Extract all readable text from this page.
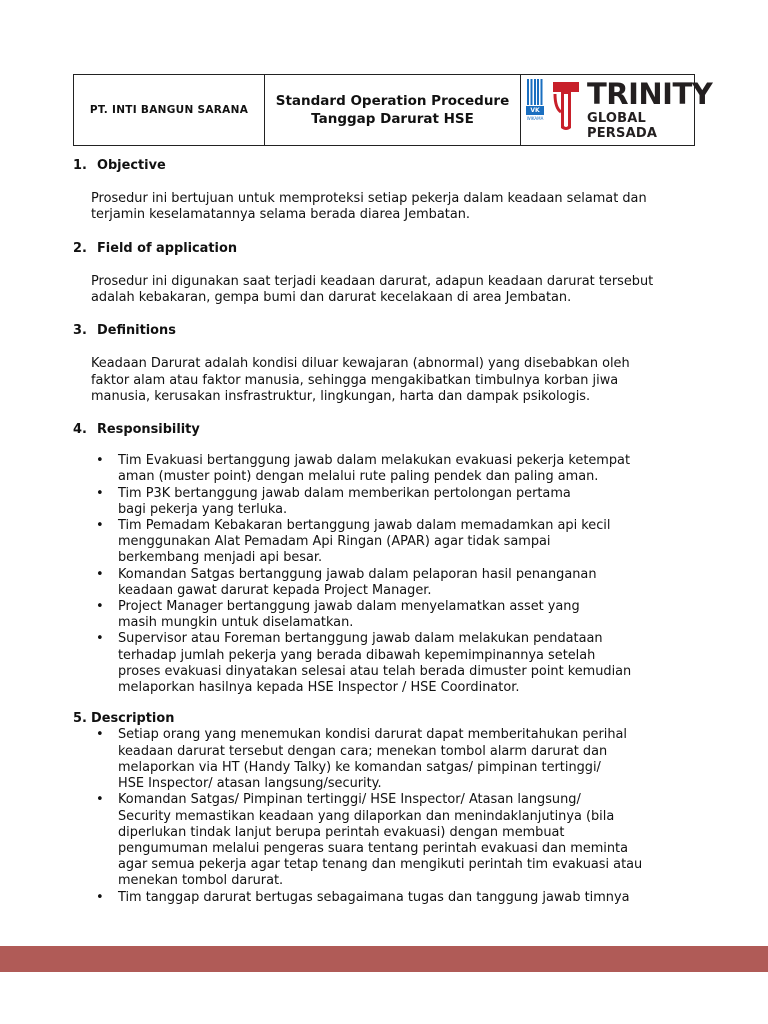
PT. INTI BANGUN SARANA
Standard Operation Procedure
Tanggap Darurat HSE
VK
WIKAMA
TRINITY
GLOBAL PERSADA
1. Objective
Prosedur ini bertujuan untuk memproteksi setiap pekerja dalam keadaan selamat dan
terjamin keselamatannya selama berada diarea Jembatan.
2. Field of application
Prosedur ini digunakan saat terjadi keadaan darurat, adapun keadaan darurat tersebut
adalah kebakaran, gempa bumi dan darurat kecelakaan di area Jembatan.
3. Definitions
Keadaan Darurat adalah kondisi diluar kewajaran (abnormal) yang disebabkan oleh
faktor alam atau faktor manusia, sehingga mengakibatkan timbulnya korban jiwa
manusia, kerusakan insfrastruktur, lingkungan, harta dan dampak psikologis.
4. Responsibility
• Tim Evakuasi bertanggung jawab dalam melakukan evakuasi pekerja ketempat
aman (muster point) dengan melalui rute paling pendek dan paling aman.
• Tim P3K bertanggung jawab dalam memberikan pertolongan pertama
bagi pekerja yang terluka.
• Tim Pemadam Kebakaran bertanggung jawab dalam memadamkan api kecil
menggunakan Alat Pemadam Api Ringan (APAR) agar tidak sampai
berkembang menjadi api besar.
• Komandan Satgas bertanggung jawab dalam pelaporan hasil penanganan
keadaan gawat darurat kepada Project Manager.
• Project Manager bertanggung jawab dalam menyelamatkan asset yang
masih mungkin untuk diselamatkan.
• Supervisor atau Foreman bertanggung jawab dalam melakukan pendataan
terhadap jumlah pekerja yang berada dibawah kepemimpinannya setelah
proses evakuasi dinyatakan selesai atau telah berada dimuster point kemudian
melaporkan hasilnya kepada HSE Inspector / HSE Coordinator.
5. Description
• Setiap orang yang menemukan kondisi darurat dapat memberitahukan perihal
keadaan darurat tersebut dengan cara; menekan tombol alarm darurat dan
melaporkan via HT (Handy Talky) ke komandan satgas/ pimpinan tertinggi/
HSE Inspector/ atasan langsung/security.
• Komandan Satgas/ Pimpinan tertinggi/ HSE Inspector/ Atasan langsung/
Security memastikan keadaan yang dilaporkan dan menindaklanjutinya (bila
diperlukan tindak lanjut berupa perintah evakuasi) dengan membuat
pengumuman melalui pengeras suara tentang perintah evakuasi dan meminta
agar semua pekerja agar tetap tenang dan mengikuti perintah tim evakuasi atau
menekan tombol darurat.
• Tim tanggap darurat bertugas sebagaimana tugas dan tanggung jawab timnya
